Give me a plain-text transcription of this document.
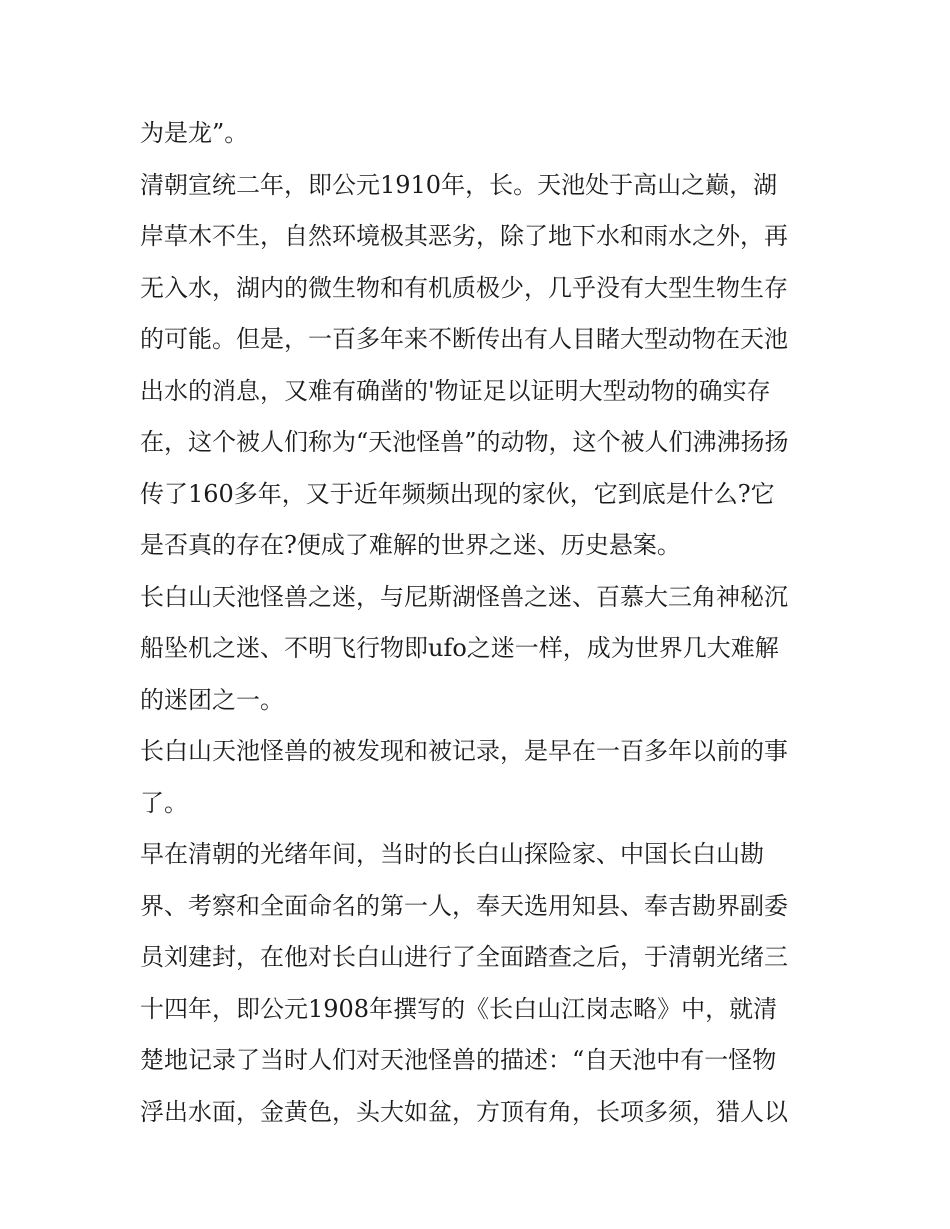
为是龙”。
清朝宣统二年，即公元1910年，长。天池处于高山之巅，湖
岸草木不生，自然环境极其恶劣，除了地下水和雨水之外，再
无入水，湖内的微生物和有机质极少，几乎没有大型生物生存
的可能。但是，一百多年来不断传出有人目睹大型动物在天池
出水的消息，又难有确凿的'物证足以证明大型动物的确实存
在，这个被人们称为“天池怪兽”的动物，这个被人们沸沸扬扬
传了160多年，又于近年频频出现的家伙，它到底是什么?它
是否真的存在?便成了难解的世界之迷、历史悬案。
长白山天池怪兽之迷，与尼斯湖怪兽之迷、百慕大三角神秘沉
船坠机之迷、不明飞行物即ufo之迷一样，成为世界几大难解
的迷团之一。
长白山天池怪兽的被发现和被记录，是早在一百多年以前的事
了。
早在清朝的光绪年间，当时的长白山探险家、中国长白山勘
界、考察和全面命名的第一人，奉天选用知县、奉吉勘界副委
员刘建封，在他对长白山进行了全面踏查之后，于清朝光绪三
十四年，即公元1908年撰写的《长白山江岗志略》中，就清
楚地记录了当时人们对天池怪兽的描述：“自天池中有一怪物
浮出水面，金黄色，头大如盆，方顶有角，长项多须，猎人以
